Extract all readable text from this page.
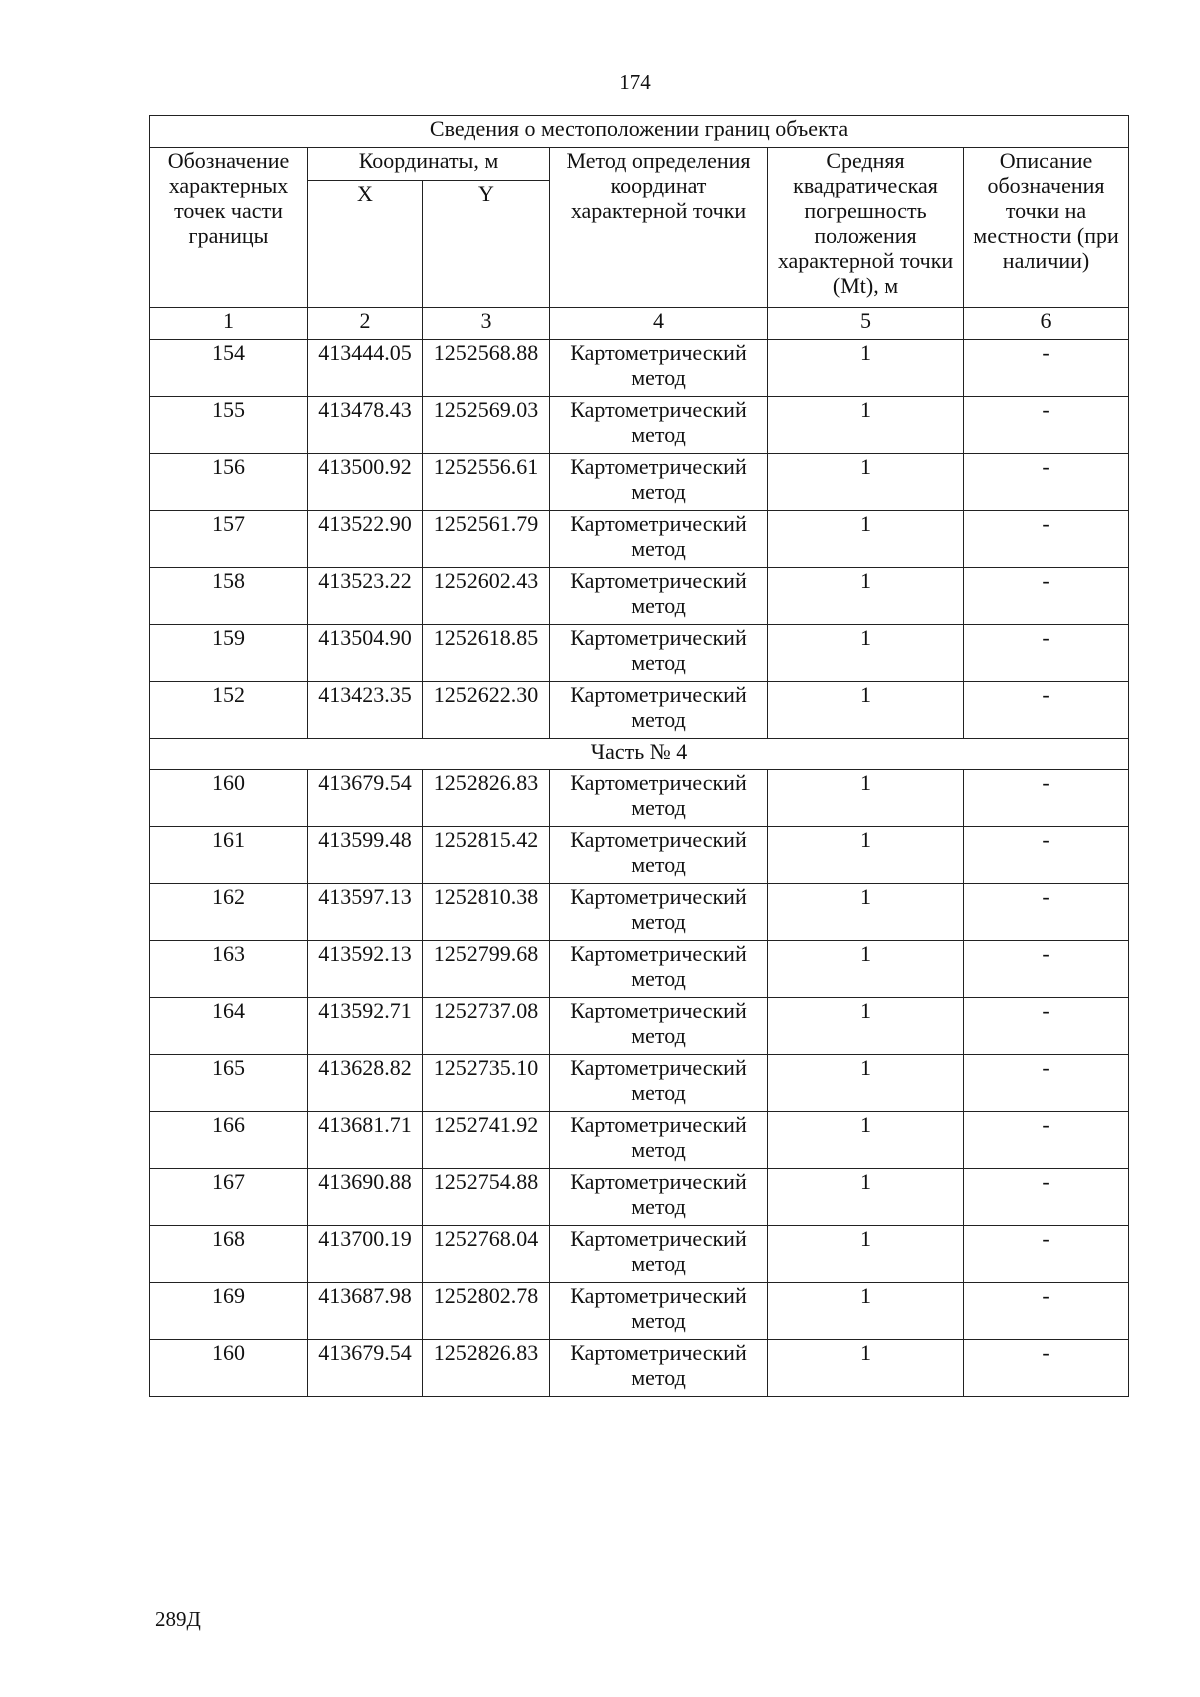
174
Сведения о местоположении границ объекта					
Обозначение характерных точек части границы	Координаты, м		Метод определения координат характерной точки	Средняя квадратическая погрешность положения характерной точки (Mt), м	Описание обозначения точки на местности (при наличии)
	X	Y			
1	2	3	4	5	6
154	413444.05	1252568.88	Картометрический метод	1	-
155	413478.43	1252569.03	Картометрический метод	1	-
156	413500.92	1252556.61	Картометрический метод	1	-
157	413522.90	1252561.79	Картометрический метод	1	-
158	413523.22	1252602.43	Картометрический метод	1	-
159	413504.90	1252618.85	Картометрический метод	1	-
152	413423.35	1252622.30	Картометрический метод	1	-
Часть № 4					
160	413679.54	1252826.83	Картометрический метод	1	-
161	413599.48	1252815.42	Картометрический метод	1	-
162	413597.13	1252810.38	Картометрический метод	1	-
163	413592.13	1252799.68	Картометрический метод	1	-
164	413592.71	1252737.08	Картометрический метод	1	-
165	413628.82	1252735.10	Картометрический метод	1	-
166	413681.71	1252741.92	Картометрический метод	1	-
167	413690.88	1252754.88	Картометрический метод	1	-
168	413700.19	1252768.04	Картометрический метод	1	-
169	413687.98	1252802.78	Картометрический метод	1	-
160	413679.54	1252826.83	Картометрический метод	1	-
289Д
